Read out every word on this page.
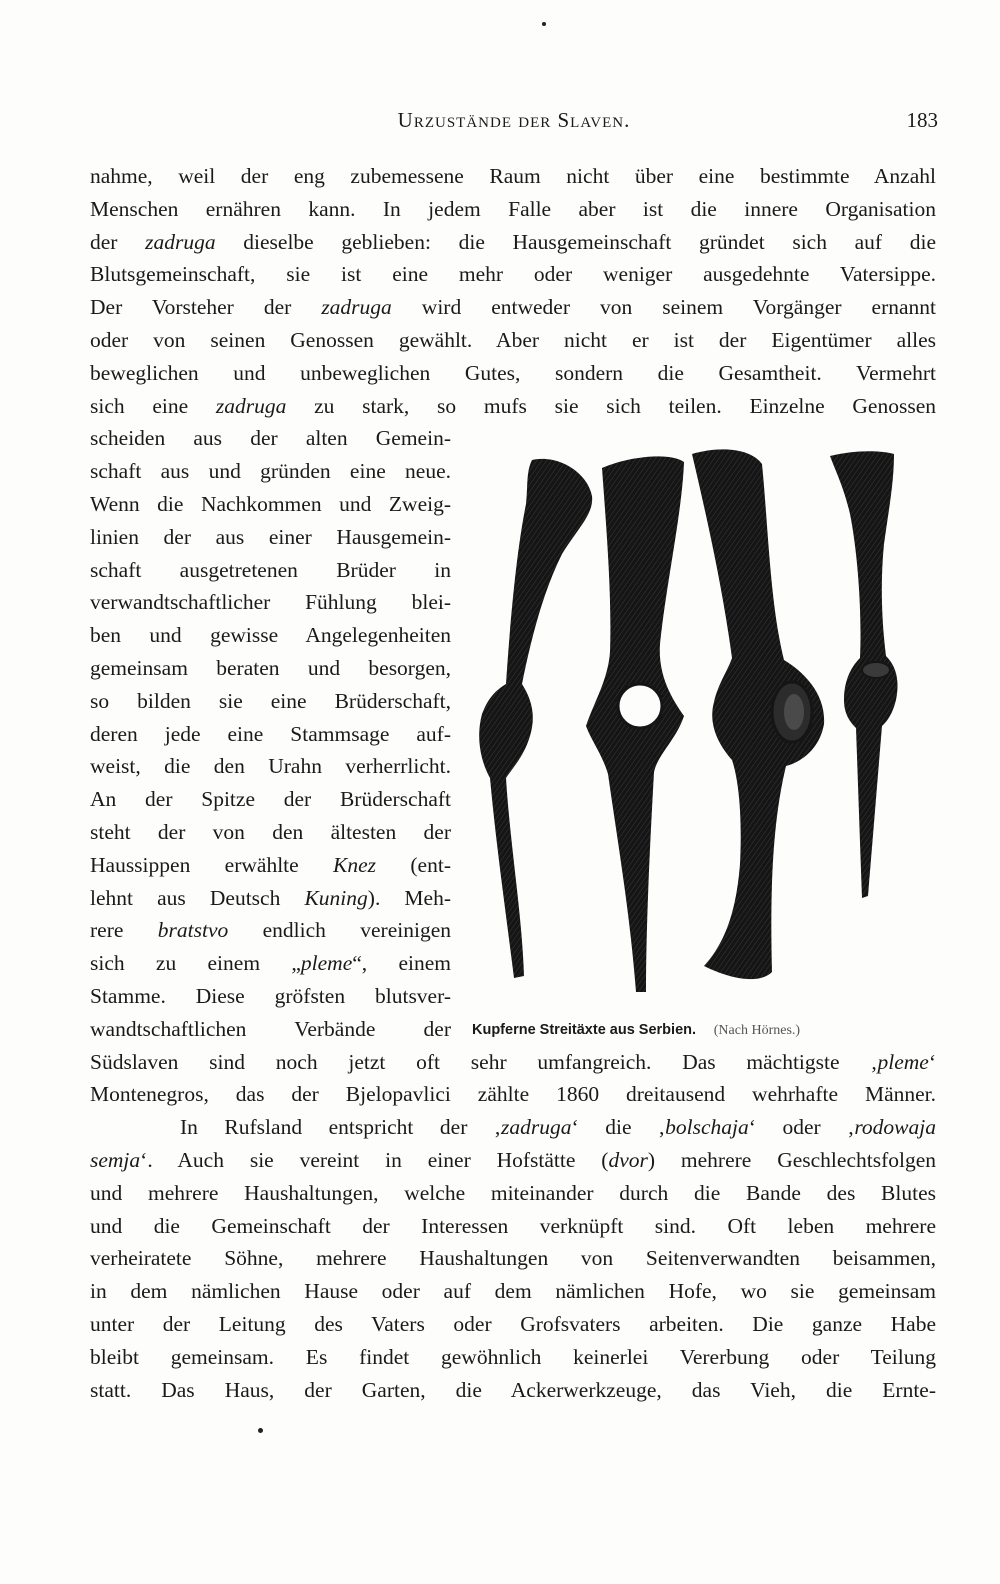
Urzustände der Slaven.	183
nahme, weil der eng zubemessene Raum nicht über eine bestimmte Anzahl
Menschen ernähren kann. In jedem Falle aber ist die innere Organisation
der zadruga dieselbe geblieben: die Hausgemeinschaft gründet sich auf die
Blutsgemeinschaft, sie ist eine mehr oder weniger ausgedehnte Vatersippe.
Der Vorsteher der zadruga wird entweder von seinem Vorgänger ernannt
oder von seinen Genossen gewählt. Aber nicht er ist der Eigentümer alles
beweglichen und unbeweglichen Gutes, sondern die Gesamtheit. Vermehrt
sich eine zadruga zu stark, so mufs sie sich teilen. Einzelne Genossen
scheiden aus der alten Gemein-
schaft aus und gründen eine neue.
Wenn die Nachkommen und Zweig-
linien der aus einer Hausgemein-
schaft ausgetretenen Brüder in
verwandtschaftlicher Fühlung blei-
ben und gewisse Angelegenheiten
gemeinsam beraten und besorgen,
so bilden sie eine Brüderschaft,
deren jede eine Stammsage auf-
weist, die den Urahn verherrlicht.
An der Spitze der Brüderschaft
steht der von den ältesten der
Haussippen erwählte Knez (ent-
lehnt aus Deutsch Kuning). Meh-
rere bratstvo endlich vereinigen
sich zu einem „pleme“, einem
Stamme. Diese gröfsten blutsver-
wandtschaftlichen Verbände der
Südslaven sind noch jetzt oft sehr umfangreich. Das mächtigste ‚pleme‘
Montenegros, das der Bjelopavlici zählte 1860 dreitausend wehrhafte Männer.
In Rufsland entspricht der ‚zadruga‘ die ‚bolschaja‘ oder ‚rodowaja
semja‘. Auch sie vereint in einer Hofstätte (dvor) mehrere Geschlechtsfolgen
und mehrere Haushaltungen, welche miteinander durch die Bande des Blutes
und die Gemeinschaft der Interessen verknüpft sind. Oft leben mehrere
verheiratete Söhne, mehrere Haushaltungen von Seitenverwandten beisammen,
in dem nämlichen Hause oder auf dem nämlichen Hofe, wo sie gemeinsam
unter der Leitung des Vaters oder Grofsvaters arbeiten. Die ganze Habe
bleibt gemeinsam. Es findet gewöhnlich keinerlei Vererbung oder Teilung
statt. Das Haus, der Garten, die Ackerwerkzeuge, das Vieh, die Ernte-
Kupferne Streitäxte aus Serbien. (Nach Hörnes.)
